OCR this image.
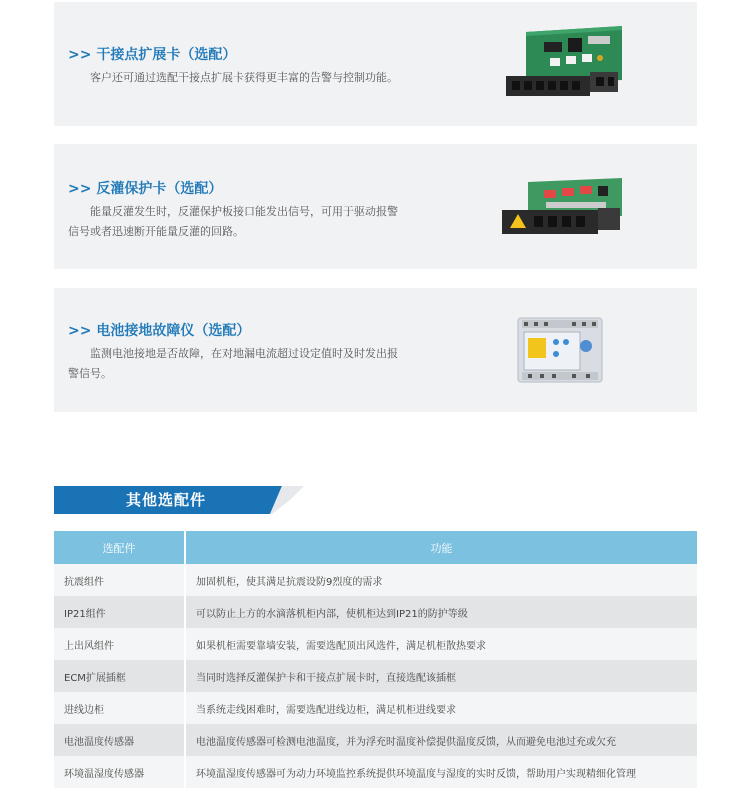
>> 干接点扩展卡（选配）
客户还可通过选配干接点扩展卡获得更丰富的告警与控制功能。
>> 反灌保护卡（选配）
能量反灌发生时，反灌保护板接口能发出信号，可用于驱动报警信号或者迅速断开能量反灌的回路。
>> 电池接地故障仪（选配）
监测电池接地是否故障，在对地漏电流超过设定值时及时发出报警信号。
其他选配件
选配件	功能
抗震组件	加固机柜，使其满足抗震设防9烈度的需求
IP21组件	可以防止上方的水滴落机柜内部，使机柜达到IP21的防护等级
上出风组件	如果机柜需要靠墙安装，需要选配顶出风选件，满足机柜散热要求
ECM扩展插框	当同时选择反灌保护卡和干接点扩展卡时，直接选配该插框
进线边柜	当系统走线困难时，需要选配进线边柜，满足机柜进线要求
电池温度传感器	电池温度传感器可检测电池温度，并为浮充时温度补偿提供温度反馈，从而避免电池过充或欠充
环境温湿度传感器	环境温湿度传感器可为动力环境监控系统提供环境温度与湿度的实时反馈，帮助用户实现精细化管理
